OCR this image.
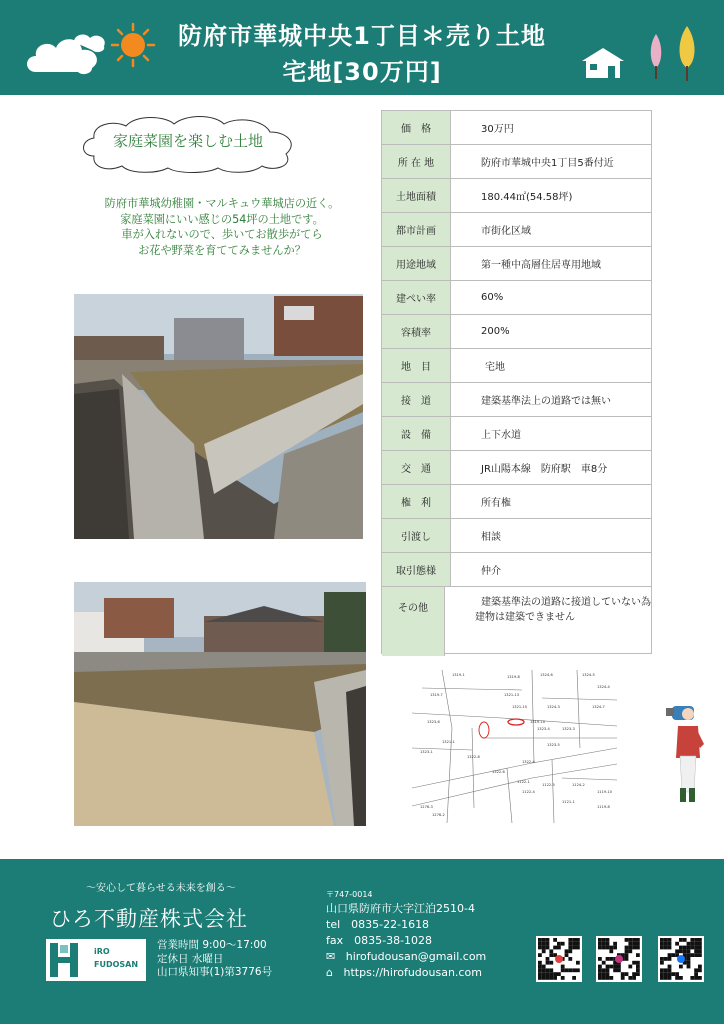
防府市華城中央1丁目＊売り土地
宅地[30万円]
家庭菜園を楽しむ土地
防府市華城幼稚園・マルキュウ華城店の近く。
家庭菜園にいい感じの54坪の土地です。
車が入れないので、歩いてお散歩がてら
お花や野菜を育ててみませんか？
価　格	30万円
所 在 地	防府市華城中央1丁目5番付近
土地面積	180.44㎡(54.58坪)
都市計画	市街化区域
用途地域	第一種中高層住居専用地域
建ぺい率	60%
容積率	200%
地　目	宅地
接　道	建築基準法上の道路では無い
設　備	上下水道
交　通	JR山陽本線　防府駅　車8分
権　利	所有権
引渡し	相談
取引態様	仲介
その他
建築基準法の道路に接道していない為
建物は建築できません
1319-1	1319-8	1324-6	1324-5
1324-4
1319-7	1321-13
1321-15	1324-3	1324-7
1323-6	1319-10
1323-4	1323-3
1321-1
1323-1
1323-5
1322-8
1322-4
1322-6
1122-1
1122-5
1122-4
1124-2
1121-1
1119-10
1119-8
1276-3
1276-2
～安心して暮らせる未来を創る～
ひろ不動産株式会社
iRO
FUDOSAN
営業時間 9:00～17:00
定休日 水曜日
山口県知事(1)第3776号
〒747-0014
山口県防府市大字江泊2510-4
tel　0835-22-1618
fax　0835-38-1028
✉ hirofudousan@gmail.com
⌂ https://hirofudousan.com
